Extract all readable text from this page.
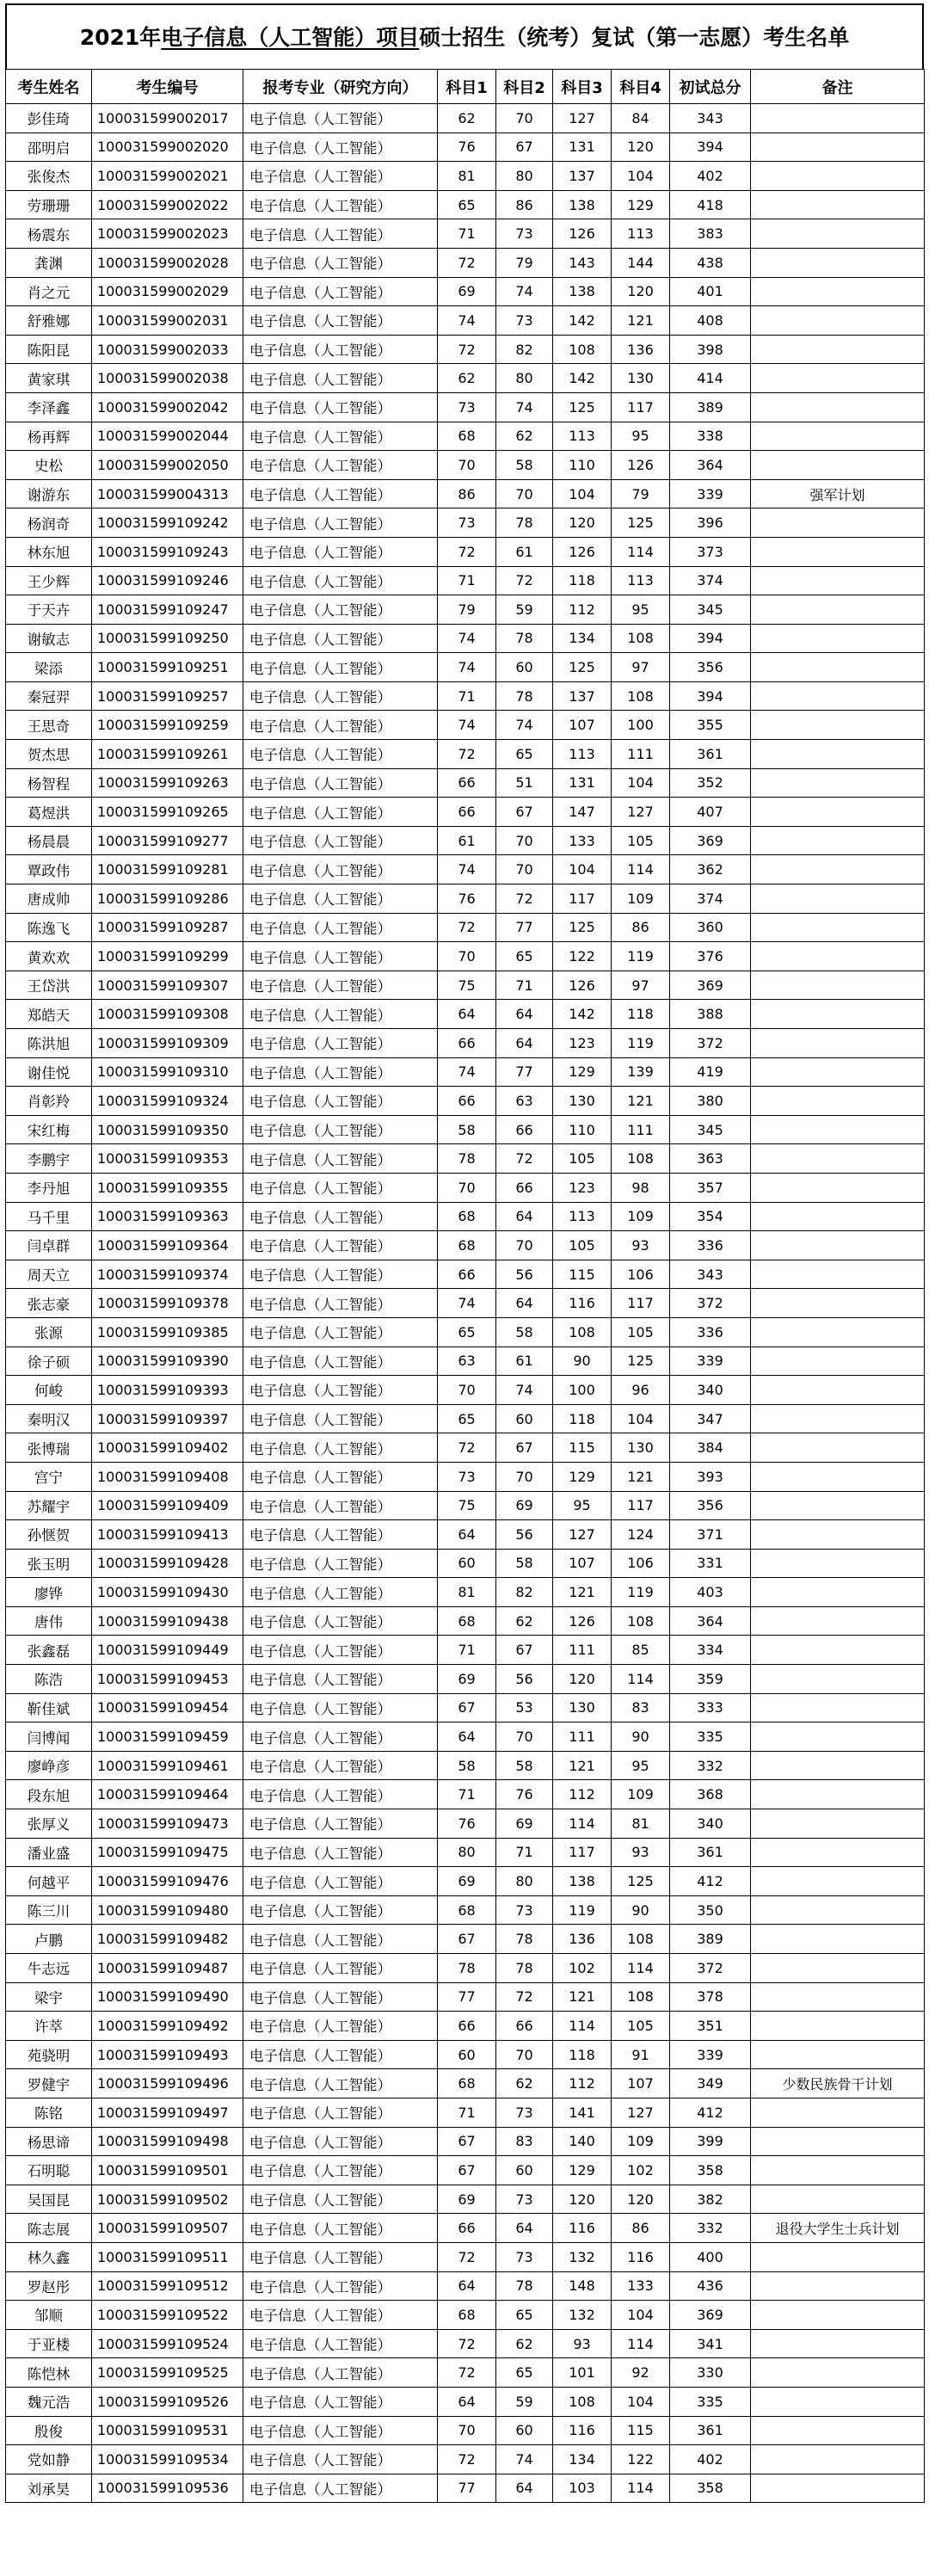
2021年电子信息（人工智能）项目硕士招生（统考）复试（第一志愿）考生名单
考生姓名	考生编号	报考专业（研究方向）	科目1	科目2	科目3	科目4	初试总分	备注
彭佳琦	100031599002017	电子信息（人工智能）	62	70	127	84	343	
邵明启	100031599002020	电子信息（人工智能）	76	67	131	120	394	
张俊杰	100031599002021	电子信息（人工智能）	81	80	137	104	402	
劳珊珊	100031599002022	电子信息（人工智能）	65	86	138	129	418	
杨震东	100031599002023	电子信息（人工智能）	71	73	126	113	383	
龚渊	100031599002028	电子信息（人工智能）	72	79	143	144	438	
肖之元	100031599002029	电子信息（人工智能）	69	74	138	120	401	
舒雅娜	100031599002031	电子信息（人工智能）	74	73	142	121	408	
陈阳昆	100031599002033	电子信息（人工智能）	72	82	108	136	398	
黄家琪	100031599002038	电子信息（人工智能）	62	80	142	130	414	
李泽鑫	100031599002042	电子信息（人工智能）	73	74	125	117	389	
杨再辉	100031599002044	电子信息（人工智能）	68	62	113	95	338	
史松	100031599002050	电子信息（人工智能）	70	58	110	126	364	
谢游东	100031599004313	电子信息（人工智能）	86	70	104	79	339	强军计划
杨润奇	100031599109242	电子信息（人工智能）	73	78	120	125	396	
林东旭	100031599109243	电子信息（人工智能）	72	61	126	114	373	
王少辉	100031599109246	电子信息（人工智能）	71	72	118	113	374	
于天卉	100031599109247	电子信息（人工智能）	79	59	112	95	345	
谢敏志	100031599109250	电子信息（人工智能）	74	78	134	108	394	
梁添	100031599109251	电子信息（人工智能）	74	60	125	97	356	
秦冠羿	100031599109257	电子信息（人工智能）	71	78	137	108	394	
王思奇	100031599109259	电子信息（人工智能）	74	74	107	100	355	
贺杰思	100031599109261	电子信息（人工智能）	72	65	113	111	361	
杨智程	100031599109263	电子信息（人工智能）	66	51	131	104	352	
葛煜洪	100031599109265	电子信息（人工智能）	66	67	147	127	407	
杨晨晨	100031599109277	电子信息（人工智能）	61	70	133	105	369	
覃政伟	100031599109281	电子信息（人工智能）	74	70	104	114	362	
唐成帅	100031599109286	电子信息（人工智能）	76	72	117	109	374	
陈逸飞	100031599109287	电子信息（人工智能）	72	77	125	86	360	
黄欢欢	100031599109299	电子信息（人工智能）	70	65	122	119	376	
王岱洪	100031599109307	电子信息（人工智能）	75	71	126	97	369	
郑皓天	100031599109308	电子信息（人工智能）	64	64	142	118	388	
陈洪旭	100031599109309	电子信息（人工智能）	66	64	123	119	372	
谢佳悦	100031599109310	电子信息（人工智能）	74	77	129	139	419	
肖彰羚	100031599109324	电子信息（人工智能）	66	63	130	121	380	
宋红梅	100031599109350	电子信息（人工智能）	58	66	110	111	345	
李鹏宇	100031599109353	电子信息（人工智能）	78	72	105	108	363	
李丹旭	100031599109355	电子信息（人工智能）	70	66	123	98	357	
马千里	100031599109363	电子信息（人工智能）	68	64	113	109	354	
闫卓群	100031599109364	电子信息（人工智能）	68	70	105	93	336	
周天立	100031599109374	电子信息（人工智能）	66	56	115	106	343	
张志豪	100031599109378	电子信息（人工智能）	74	64	116	117	372	
张源	100031599109385	电子信息（人工智能）	65	58	108	105	336	
徐子硕	100031599109390	电子信息（人工智能）	63	61	90	125	339	
何峻	100031599109393	电子信息（人工智能）	70	74	100	96	340	
秦明汉	100031599109397	电子信息（人工智能）	65	60	118	104	347	
张博瑞	100031599109402	电子信息（人工智能）	72	67	115	130	384	
宫宁	100031599109408	电子信息（人工智能）	73	70	129	121	393	
苏耀宇	100031599109409	电子信息（人工智能）	75	69	95	117	356	
孙惬贺	100031599109413	电子信息（人工智能）	64	56	127	124	371	
张玉明	100031599109428	电子信息（人工智能）	60	58	107	106	331	
廖铧	100031599109430	电子信息（人工智能）	81	82	121	119	403	
唐伟	100031599109438	电子信息（人工智能）	68	62	126	108	364	
张鑫磊	100031599109449	电子信息（人工智能）	71	67	111	85	334	
陈浩	100031599109453	电子信息（人工智能）	69	56	120	114	359	
靳佳斌	100031599109454	电子信息（人工智能）	67	53	130	83	333	
闫博闻	100031599109459	电子信息（人工智能）	64	70	111	90	335	
廖峥彦	100031599109461	电子信息（人工智能）	58	58	121	95	332	
段东旭	100031599109464	电子信息（人工智能）	71	76	112	109	368	
张厚义	100031599109473	电子信息（人工智能）	76	69	114	81	340	
潘业盛	100031599109475	电子信息（人工智能）	80	71	117	93	361	
何越平	100031599109476	电子信息（人工智能）	69	80	138	125	412	
陈三川	100031599109480	电子信息（人工智能）	68	73	119	90	350	
卢鹏	100031599109482	电子信息（人工智能）	67	78	136	108	389	
牛志远	100031599109487	电子信息（人工智能）	78	78	102	114	372	
梁宇	100031599109490	电子信息（人工智能）	77	72	121	108	378	
许萃	100031599109492	电子信息（人工智能）	66	66	114	105	351	
苑骁明	100031599109493	电子信息（人工智能）	60	70	118	91	339	
罗健宇	100031599109496	电子信息（人工智能）	68	62	112	107	349	少数民族骨干计划
陈铭	100031599109497	电子信息（人工智能）	71	73	141	127	412	
杨思谛	100031599109498	电子信息（人工智能）	67	83	140	109	399	
石明聪	100031599109501	电子信息（人工智能）	67	60	129	102	358	
吴国昆	100031599109502	电子信息（人工智能）	69	73	120	120	382	
陈志展	100031599109507	电子信息（人工智能）	66	64	116	86	332	退役大学生士兵计划
林久鑫	100031599109511	电子信息（人工智能）	72	73	132	116	400	
罗赵彤	100031599109512	电子信息（人工智能）	64	78	148	133	436	
邹顺	100031599109522	电子信息（人工智能）	68	65	132	104	369	
于亚楼	100031599109524	电子信息（人工智能）	72	62	93	114	341	
陈恺林	100031599109525	电子信息（人工智能）	72	65	101	92	330	
魏元浩	100031599109526	电子信息（人工智能）	64	59	108	104	335	
殷俊	100031599109531	电子信息（人工智能）	70	60	116	115	361	
党如静	100031599109534	电子信息（人工智能）	72	74	134	122	402	
刘承昊	100031599109536	电子信息（人工智能）	77	64	103	114	358	
